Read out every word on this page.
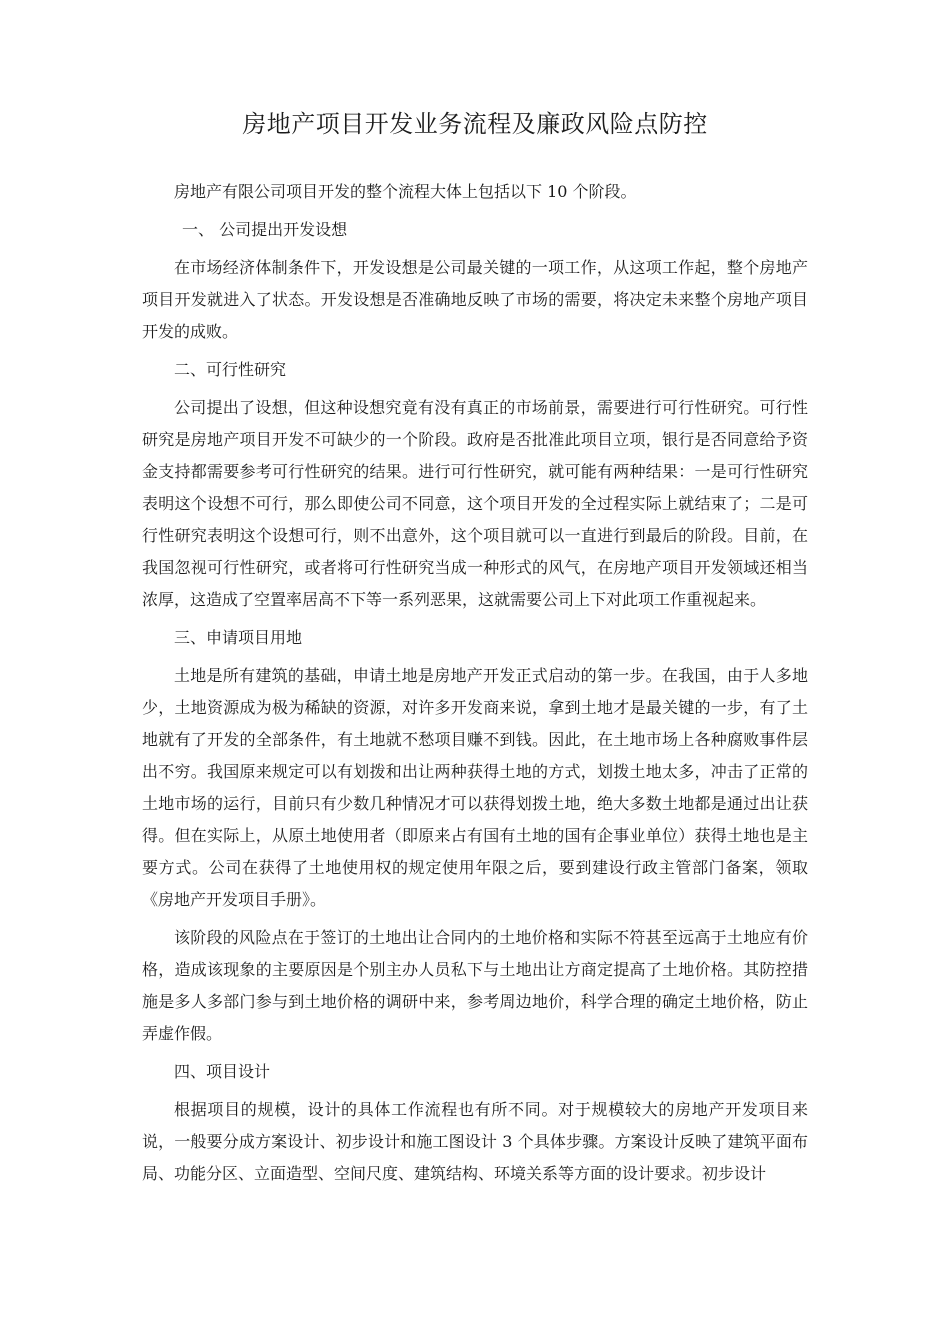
房地产项目开发业务流程及廉政风险点防控

房地产有限公司项目开发的整个流程大体上包括以下 10 个阶段。

一、 公司提出开发设想

在市场经济体制条件下，开发设想是公司最关键的一项工作，从这项工作起，整个房地产项目开发就进入了状态。开发设想是否准确地反映了市场的需要，将决定未来整个房地产项目开发的成败。

二、可行性研究

公司提出了设想，但这种设想究竟有没有真正的市场前景，需要进行可行性研究。可行性研究是房地产项目开发不可缺少的一个阶段。政府是否批准此项目立项，银行是否同意给予资金支持都需要参考可行性研究的结果。进行可行性研究，就可能有两种结果：一是可行性研究表明这个设想不可行，那么即使公司不同意，这个项目开发的全过程实际上就结束了；二是可行性研究表明这个设想可行，则不出意外，这个项目就可以一直进行到最后的阶段。目前，在我国忽视可行性研究，或者将可行性研究当成一种形式的风气，在房地产项目开发领域还相当浓厚，这造成了空置率居高不下等一系列恶果，这就需要公司上下对此项工作重视起来。

三、申请项目用地

土地是所有建筑的基础，申请土地是房地产开发正式启动的第一步。在我国，由于人多地少，土地资源成为极为稀缺的资源，对许多开发商来说，拿到土地才是最关键的一步，有了土地就有了开发的全部条件，有土地就不愁项目赚不到钱。因此，在土地市场上各种腐败事件层出不穷。我国原来规定可以有划拨和出让两种获得土地的方式，划拨土地太多，冲击了正常的土地市场的运行，目前只有少数几种情况才可以获得划拨土地，绝大多数土地都是通过出让获得。但在实际上，从原土地使用者（即原来占有国有土地的国有企事业单位）获得土地也是主要方式。公司在获得了土地使用权的规定使用年限之后，要到建设行政主管部门备案，领取《房地产开发项目手册》。

该阶段的风险点在于签订的土地出让合同内的土地价格和实际不符甚至远高于土地应有价格，造成该现象的主要原因是个别主办人员私下与土地出让方商定提高了土地价格。其防控措施是多人多部门参与到土地价格的调研中来，参考周边地价，科学合理的确定土地价格，防止弄虚作假。

四、项目设计

根据项目的规模，设计的具体工作流程也有所不同。对于规模较大的房地产开发项目来说，一般要分成方案设计、初步设计和施工图设计 3 个具体步骤。方案设计反映了建筑平面布局、功能分区、立面造型、空间尺度、建筑结构、环境关系等方面的设计要求。初步设计
